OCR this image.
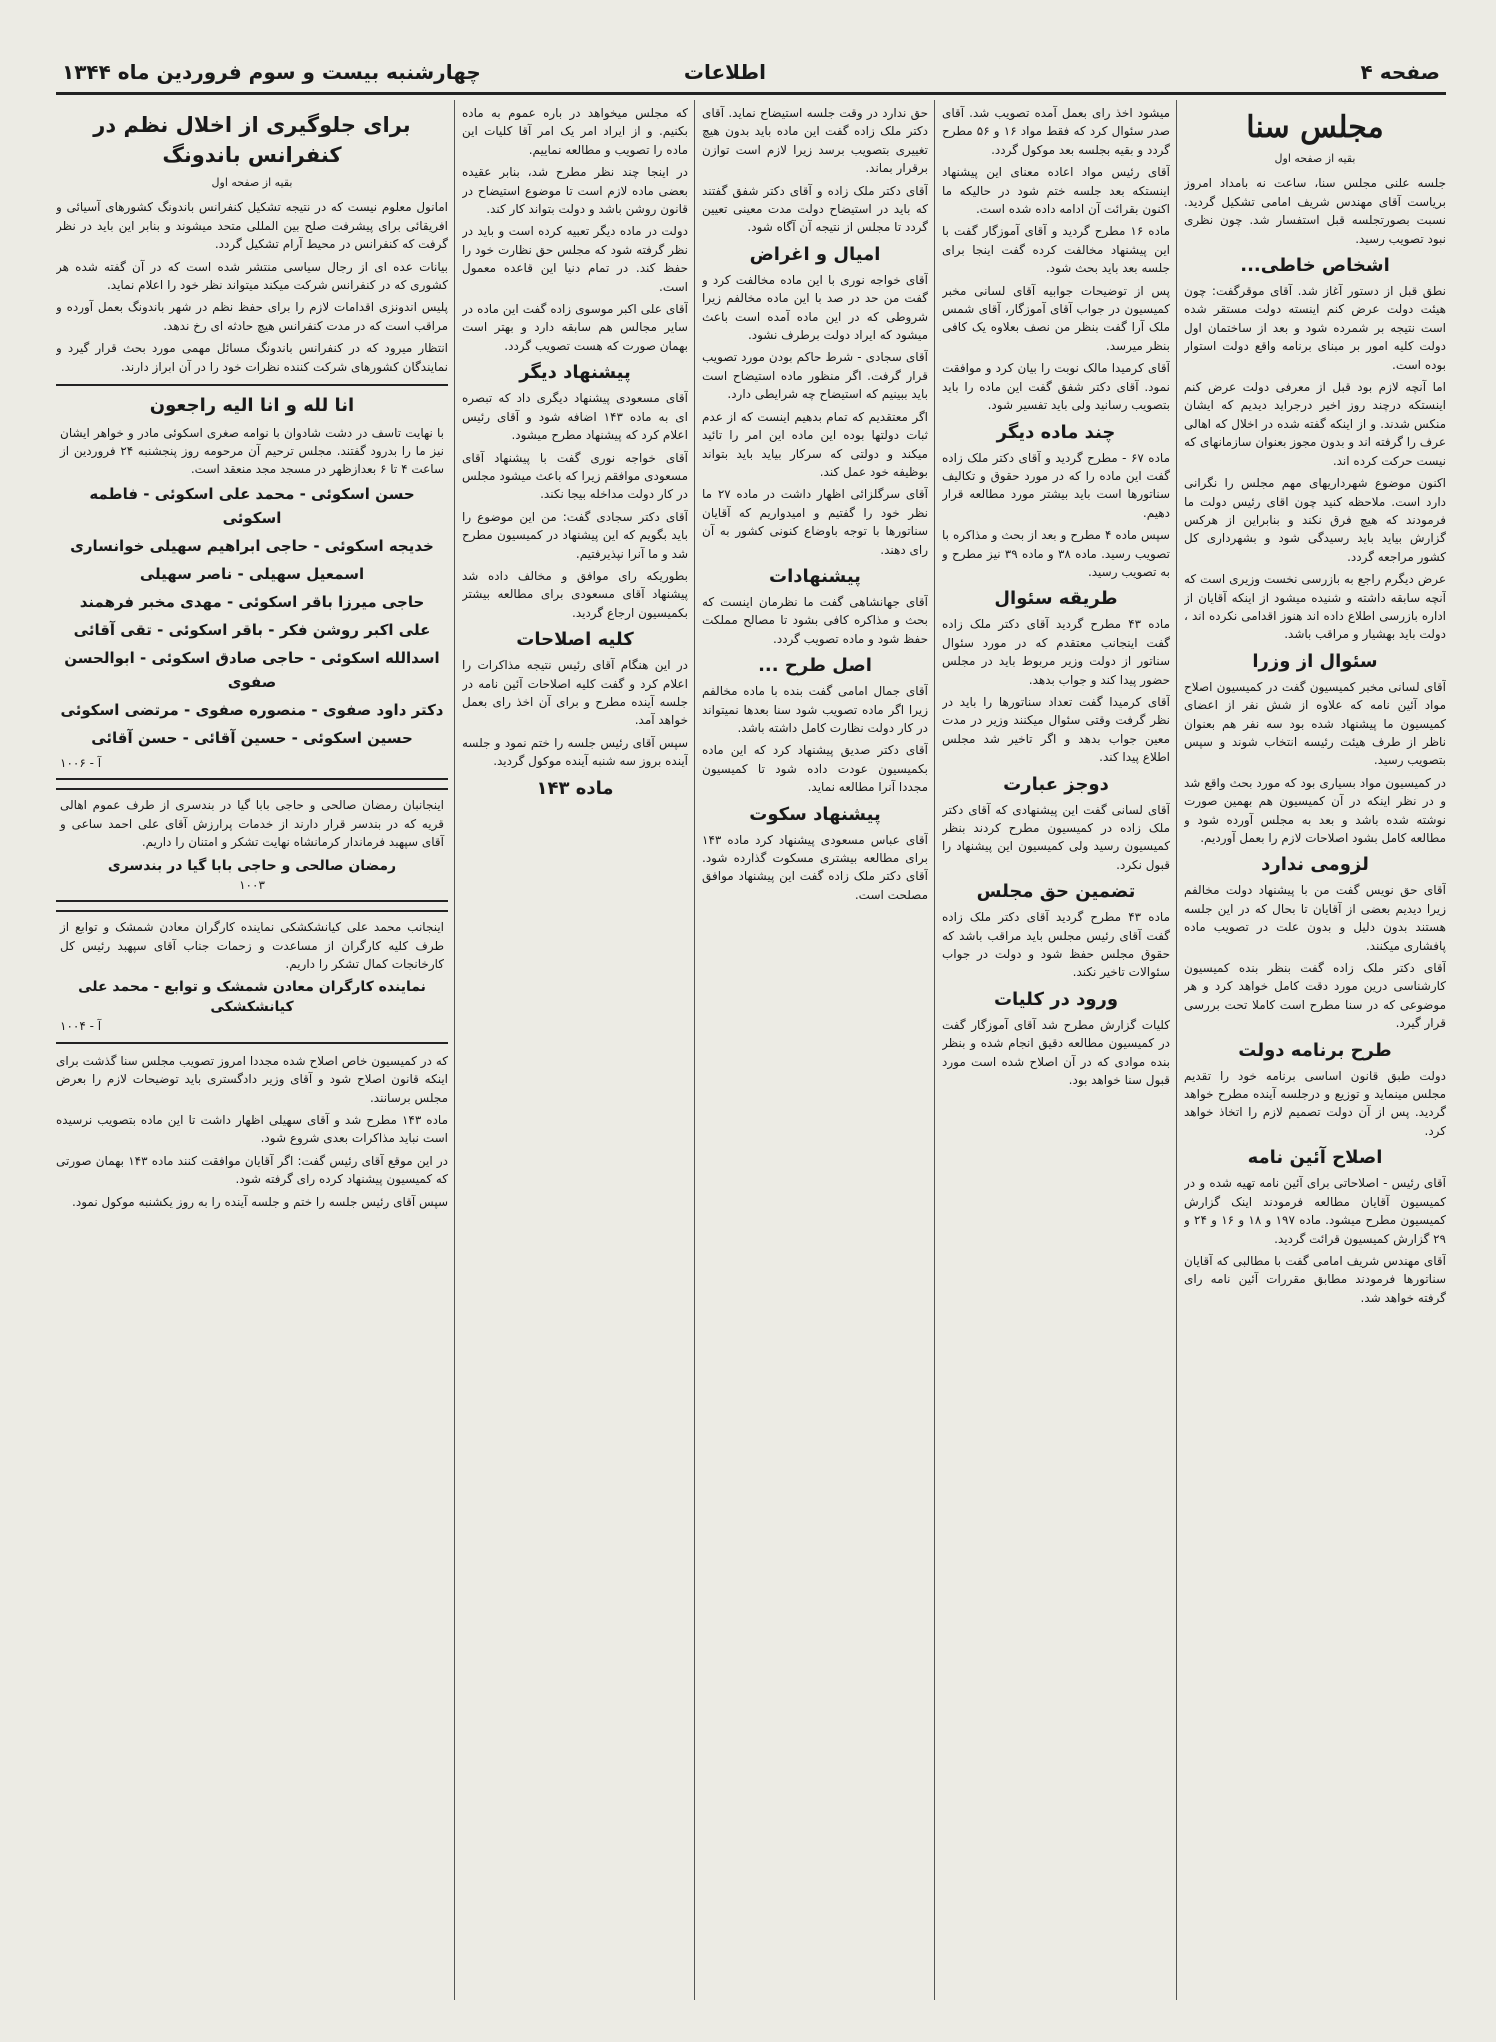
صفحه ۴
اطلاعات
چهارشنبه بیست و سوم فروردین ماه ۱۳۴۴
مجلس سنا
بقیه از صفحه اول

جلسه علنی مجلس سنا، ساعت نه بامداد امروز بریاست آقای مهندس شریف امامی تشکیل گردید. نسبت بصورتجلسه قبل استفسار شد. چون نظری نبود تصویب رسید.

اشخاص خاطی...

نطق قبل از دستور آغاز شد. آقای موقرگفت: چون هیئت دولت عرض کنم اینسته دولت مستقر شده است نتیجه بر شمرده شود و بعد از ساختمان اول دولت کلیه امور بر مبنای برنامه واقع دولت استوار بوده است.

اما آنچه لازم بود قبل از معرفی دولت عرض کنم اینستکه درچند روز اخیر درجراید دیدیم که ایشان منکس شدند. و از اینکه گفته شده در اخلال که اهالی عرف را گرفته اند و بدون مجوز بعنوان سازمانهای که نیست حرکت کرده اند.

اکنون موضوع شهرداریهای مهم مجلس را نگرانی دارد است. ملاحظه کنید چون اقای رئیس دولت ما فرمودند که هیچ فرق نکند و بنابراین از هرکس گزارش بیاید باید رسیدگی شود و بشهرداری کل کشور مراجعه گردد.

عرض دیگرم راجع به بازرسی نخست وزیری است که آنچه سابقه داشته و شنیده میشود از اینکه آقایان از اداره بازرسی اطلاع داده اند هنوز اقدامی نکرده اند ، دولت باید بهشیار و مراقب باشد.

سئوال از وزرا

آقای لسانی مخبر کمیسیون گفت در کمیسیون اصلاح مواد آئین نامه که علاوه از شش نفر از اعضای کمیسیون ما پیشنهاد شده بود سه نفر هم بعنوان ناظر از طرف هیئت رئیسه انتخاب شوند و سپس بتصویب رسید.

در کمیسیون مواد بسیاری بود که مورد بحث واقع شد و در نظر اینکه در آن کمیسیون هم بهمین صورت نوشته شده باشد و بعد به مجلس آورده شود و مطالعه کامل بشود اصلاحات لازم را بعمل آوردیم.

لزومی ندارد

آقای حق نویس گفت من با پیشنهاد دولت مخالفم زیرا دیدیم بعضی از آقایان تا بحال که در این جلسه هستند بدون دلیل و بدون علت در تصویب ماده پافشاری میکنند.

آقای دکتر ملک زاده گفت بنظر بنده کمیسیون کارشناسی درین مورد دقت کامل خواهد کرد و هر موضوعی که در سنا مطرح است کاملا تحت بررسی قرار گیرد.

طرح برنامه دولت

دولت طبق قانون اساسی برنامه خود را تقدیم مجلس مینماید و توزیع و درجلسه آینده مطرح خواهد گردید. پس از آن دولت تصمیم لازم را اتخاذ خواهد کرد.

اصلاح آئین نامه

آقای رئیس - اصلاحاتی برای آئین نامه تهیه شده و در کمیسیون آقایان مطالعه فرمودند اینک گزارش کمیسیون مطرح میشود. ماده ۱۹۷ و ۱۸ و ۱۶ و ۲۴ و ۲۹ گزارش کمیسیون قرائت گردید.

آقای مهندس شریف امامی گفت با مطالبی که آقایان سناتورها فرمودند مطابق مقررات آئین نامه رای گرفته خواهد شد.

میشود اخذ رای بعمل آمده تصویب شد. آقای صدر سئوال کرد که فقط مواد ۱۶ و ۵۶ مطرح گردد و بقیه بجلسه بعد موکول گردد.

آقای رئیس مواد اعاده معنای این پیشنهاد اینستکه بعد جلسه ختم شود در حالیکه ما اکنون بقرائت آن ادامه داده شده است.

ماده ۱۶ مطرح گردید و آقای آموزگار گفت با این پیشنهاد مخالفت کرده گفت اینجا برای جلسه بعد باید بحث شود.

پس از توضیحات جوابیه آقای لسانی مخبر کمیسیون در جواب آقای آموزگار، آقای شمس ملک آرا گفت بنظر من نصف بعلاوه یک کافی بنظر میرسد.

آقای کرمیدا مالک نوبت را بیان کرد و موافقت نمود. آقای دکتر شفق گفت این ماده را باید بتصویب رسانید ولی باید تفسیر شود.

چند ماده دیگر

ماده ۶۷ - مطرح گردید و آقای دکتر ملک زاده گفت این ماده را که در مورد حقوق و تکالیف سناتورها است باید بیشتر مورد مطالعه قرار دهیم.

سپس ماده ۴ مطرح و بعد از بحث و مذاکره با تصویب رسید. ماده ۳۸ و ماده ۳۹ نیز مطرح و به تصویب رسید.

طریقه سئوال

ماده ۴۳ مطرح گردید آقای دکتر ملک زاده گفت اینجانب معتقدم که در مورد سئوال سناتور از دولت وزیر مربوط باید در مجلس حضور پیدا کند و جواب بدهد.

آقای کرمیدا گفت تعداد سناتورها را باید در نظر گرفت وقتی سئوال میکنند وزیر در مدت معین جواب بدهد و اگر تاخیر شد مجلس اطلاع پیدا کند.

دوجز عبارت

آقای لسانی گفت این پیشنهادی که آقای دکتر ملک زاده در کمیسیون مطرح کردند بنظر کمیسیون رسید ولی کمیسیون این پیشنهاد را قبول نکرد.

تضمین حق مجلس

ماده ۴۳ مطرح گردید آقای دکتر ملک زاده گفت آقای رئیس مجلس باید مراقب باشد که حقوق مجلس حفظ شود و دولت در جواب سئوالات تاخیر نکند.

ورود در کلیات

کلیات گزارش مطرح شد آقای آموزگار گفت در کمیسیون مطالعه دقیق انجام شده و بنظر بنده موادی که در آن اصلاح شده است مورد قبول سنا خواهد بود.

حق ندارد در وقت جلسه استیضاح نماید. آقای دکتر ملک زاده گفت این ماده باید بدون هیچ تغییری بتصویب برسد زیرا لازم است توازن برقرار بماند.

آقای دکتر ملک زاده و آقای دکتر شفق گفتند که باید در استیضاح دولت مدت معینی تعیین گردد تا مجلس از نتیجه آن آگاه شود.

امیال و اغراض

آقای خواجه نوری با این ماده مخالفت کرد و گفت من حد در صد با این ماده مخالفم زیرا شروطی که در این ماده آمده است باعث میشود که ایراد دولت برطرف نشود.

آقای سجادی - شرط حاکم بودن مورد تصویب قرار گرفت. اگر منظور ماده استیضاح است باید ببینیم که استیضاح چه شرایطی دارد.

اگر معتقدیم که تمام بدهیم اینست که از عدم ثبات دولتها بوده این ماده این امر را تائید میکند و دولتی که سرکار بیاید باید بتواند بوظیفه خود عمل کند.

آقای سرگلزائی اظهار داشت در ماده ۲۷ ما نظر خود را گفتیم و امیدواریم که آقایان سناتورها با توجه باوضاع کنونی کشور به آن رای دهند.

پیشنهادات

آقای جهانشاهی گفت ما نظرمان اینست که بحث و مذاکره کافی بشود تا مصالح مملکت حفظ شود و ماده تصویب گردد.

اصل طرح ...

آقای جمال امامی گفت بنده با ماده مخالفم زیرا اگر ماده تصویب شود سنا بعدها نمیتواند در کار دولت نظارت کامل داشته باشد.

آقای دکتر صدیق پیشنهاد کرد که این ماده بکمیسیون عودت داده شود تا کمیسیون مجددا آنرا مطالعه نماید.

پیشنهاد سکوت

آقای عباس مسعودی پیشنهاد کرد ماده ۱۴۳ برای مطالعه بیشتری مسکوت گذارده شود. آقای دکتر ملک زاده گفت این پیشنهاد موافق مصلحت است.

که مجلس میخواهد در باره عموم به ماده بکنیم. و از ایراد امر یک امر آقا کلیات این ماده را تصویب و مطالعه نماییم.

در اینجا چند نظر مطرح شد، بنابر عقیده بعضی ماده لازم است تا موضوع استیضاح در قانون روشن باشد و دولت بتواند کار کند.

دولت در ماده دیگر تعبیه کرده است و باید در نظر گرفته شود که مجلس حق نظارت خود را حفظ کند. در تمام دنیا این قاعده معمول است.

آقای علی اکبر موسوی زاده گفت این ماده در سایر مجالس هم سابقه دارد و بهتر است بهمان صورت که هست تصویب گردد.

پیشنهاد دیگر

آقای مسعودی پیشنهاد دیگری داد که تبصره ای به ماده ۱۴۳ اضافه شود و آقای رئیس اعلام کرد که پیشنهاد مطرح میشود.

آقای خواجه نوری گفت با پیشنهاد آقای مسعودی موافقم زیرا که باعث میشود مجلس در کار دولت مداخله بیجا نکند.

آقای دکتر سجادی گفت: من این موضوع را باید بگویم که این پیشنهاد در کمیسیون مطرح شد و ما آنرا نپذیرفتیم.

بطوریکه رای موافق و مخالف داده شد پیشنهاد آقای مسعودی برای مطالعه بیشتر بکمیسیون ارجاع گردید.

کلیه اصلاحات

در این هنگام آقای رئیس نتیجه مذاکرات را اعلام کرد و گفت کلیه اصلاحات آئین نامه در جلسه آینده مطرح و برای آن اخذ رای بعمل خواهد آمد.

سپس آقای رئیس جلسه را ختم نمود و جلسه آینده بروز سه شنبه آینده موکول گردید.

ماده ۱۴۳
برای جلوگیری از اخلال نظم در کنفرانس باندونگ
بقیه از صفحه اول

امانول معلوم نیست که در نتیجه تشکیل کنفرانس باندونگ کشورهای آسیائی و افریقائی برای پیشرفت صلح بین المللی متحد میشوند و بنابر این باید در نظر گرفت که کنفرانس در محیط آرام تشکیل گردد.

بیانات عده ای از رجال سیاسی منتشر شده است که در آن گفته شده هر کشوری که در کنفرانس شرکت میکند میتواند نظر خود را اعلام نماید.

پلیس اندونزی اقدامات لازم را برای حفظ نظم در شهر باندونگ بعمل آورده و مراقب است که در مدت کنفرانس هیچ حادثه ای رخ ندهد.

انتظار میرود که در کنفرانس باندونگ مسائل مهمی مورد بحث قرار گیرد و نمایندگان کشورهای شرکت کننده نظرات خود را در آن ابراز دارند.

انا لله و انا الیه راجعون

با نهایت تاسف در دشت شادوان با نوامه صغری اسکوئی مادر و خواهر ایشان نیز ما را بدرود گفتند. مجلس ترحیم آن مرحومه روز پنجشنبه ۲۴ فروردین از ساعت ۴ تا ۶ بعدازظهر در مسجد مجد منعقد است.

حسن اسکوئی - محمد علی اسکوئی - فاطمه اسکوئی

خدیجه اسکوئی - حاجی ابراهیم سهیلی خوانساری

اسمعیل سهیلی - ناصر سهیلی

حاجی میرزا باقر اسکوئی - مهدی مخبر فرهمند

علی اکبر روشن فکر - باقر اسکوئی - تقی آقائی

اسدالله اسکوئی - حاجی صادق اسکوئی - ابوالحسن صفوی

دکتر داود صفوی - منصوره صفوی - مرتضی اسکوئی

حسین اسکوئی - حسین آقائی - حسن آقائی

آ - ۱۰۰۶

اینجانبان رمضان صالحی و حاجی بابا گیا در بندسری از طرف عموم اهالی قریه که در بندسر قرار دارند از خدمات پرارزش آقای علی احمد ساعی و آقای سپهبد فرماندار کرمانشاه نهایت تشکر و امتنان را داریم.

رمضان صالحی و حاجی بابا گیا در بندسری
۱۰۰۳

اینجانب محمد علی کیانشکشکی نماینده کارگران معادن شمشک و توابع از طرف کلیه کارگران از مساعدت و زحمات جناب آقای سپهبد رئیس کل کارخانجات کمال تشکر را داریم.

نماینده کارگران معادن شمشک و توابع - محمد علی کیانشکشکی
آ - ۱۰۰۴

که در کمیسیون خاص اصلاح شده مجددا امروز تصویب مجلس سنا گذشت برای اینکه قانون اصلاح شود و آقای وزیر دادگستری باید توضیحات لازم را بعرض مجلس برسانند.

ماده ۱۴۳ مطرح شد و آقای سهیلی اظهار داشت تا این ماده بتصویب نرسیده است نباید مذاکرات بعدی شروع شود.

در این موقع آقای رئیس گفت: اگر آقایان موافقت کنند ماده ۱۴۳ بهمان صورتی که کمیسیون پیشنهاد کرده رای گرفته شود.

سپس آقای رئیس جلسه را ختم و جلسه آینده را به روز یکشنبه موکول نمود.
